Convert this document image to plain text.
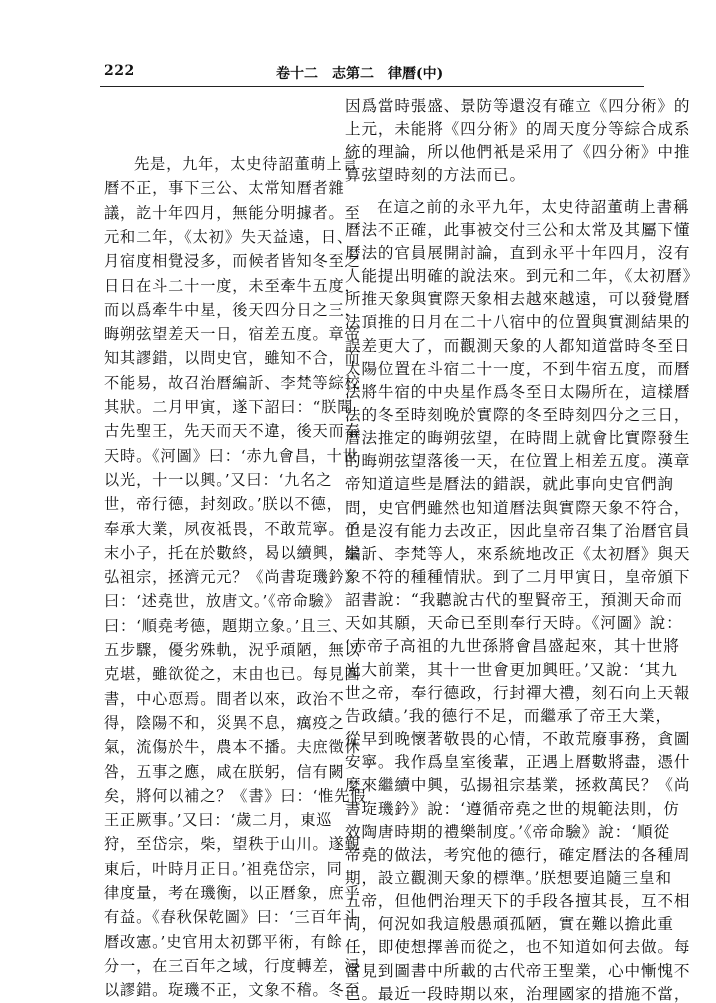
222	卷十二　志第二　律曆(中)
先是，九年，太史待詔董萌上言
曆不正，事下三公、太常知曆者雜
議，訖十年四月，無能分明據者。至
元和二年，《太初》失天益遠，日、
月宿度相覺浸多，而候者皆知冬至之
日日在斗二十一度，未至牽牛五度，
而以爲牽牛中星，後天四分日之三，
晦朔弦望差天一日，宿差五度。章帝
知其謬錯，以問史官，雖知不合，而
不能易，故召治曆編訢、李梵等綜校
其狀。二月甲寅，遂下詔曰：“朕聞
古先聖王，先天而天不違，後天而奉
天時。《河圖》曰：‘赤九會昌，十世
以光，十一以興。’又曰：‘九名之
世，帝行德，封刻政。’朕以不德，
奉承大業，夙夜祗畏，不敢荒寧。予
末小子，托在於數終，曷以續興，崇
弘祖宗，拯濟元元？《尚書琁璣鈐》
曰：‘述堯世，放唐文。’《帝命驗》
曰：‘順堯考德，題期立象。’且三、
五步驟，優劣殊軌，況乎頑陋，無以
克堪，雖欲從之，末由也已。每見圖
書，中心恧焉。間者以來，政治不
得，陰陽不和，災異不息，癘疫之
氣，流傷於牛，農本不播。夫庶徵休
咎，五事之應，咸在朕躬，信有闕
矣，將何以補之？《書》曰：‘惟先假
王正厥事。’又曰：‘歲二月，東巡
狩，至岱宗，柴，望秩于山川。遂覲
東后，叶時月正日。’祖堯岱宗，同
律度量，考在璣衡，以正曆象，庶乎
有益。《春秋保乾圖》曰：‘三百年斗
曆改憲。’史官用太初鄧平術，有餘
分一，在三百年之域，行度轉差，浸
以謬錯。琁璣不正，文象不稽。冬至
因爲當時張盛、景防等還沒有確立《四分術》的
上元，未能將《四分術》的周天度分等綜合成系
統的理論，所以他們衹是采用了《四分術》中推
算弦望時刻的方法而已。
在這之前的永平九年，太史待詔董萌上書稱
曆法不正確，此事被交付三公和太常及其屬下懂
曆法的官員展開討論，直到永平十年四月，沒有
人能提出明確的說法來。到元和二年，《太初曆》
所推天象與實際天象相去越來越遠，可以發覺曆
法頂推的日月在二十八宿中的位置與實測結果的
誤差更大了，而觀測天象的人都知道當時冬至日
太陽位置在斗宿二十一度，不到牛宿五度，而曆
法將牛宿的中央星作爲冬至日太陽所在，這樣曆
法的冬至時刻晚於實際的冬至時刻四分之三日，
曆法推定的晦朔弦望，在時間上就會比實際發生
的晦朔弦望落後一天，在位置上相差五度。漢章
帝知道這些是曆法的錯誤，就此事向史官們詢
問，史官們雖然也知道曆法與實際天象不符合，
但是沒有能力去改正，因此皇帝召集了治曆官員
編訢、李梵等人，來系統地改正《太初曆》與天
象不符的種種情狀。到了二月甲寅日，皇帝頒下
詔書說：“我聽說古代的聖賢帝王，預測天命而
天如其願，天命已至則奉行天時。《河圖》說：
‘赤帝子高祖的九世孫將會昌盛起來，其十世將
光大前業，其十一世會更加興旺。’又說：‘其九
世之帝，奉行德政，行封禪大禮，刻石向上天報
告政績。’我的德行不足，而繼承了帝王大業，
從早到晚懷著敬畏的心情，不敢荒廢事務，貪圖
安寧。我作爲皇室後輩，正遇上曆數將盡，憑什
麼來繼續中興，弘揚祖宗基業，拯救萬民？《尚
書琁璣鈐》說：‘遵循帝堯之世的規範法則，仿
效陶唐時期的禮樂制度。’《帝命驗》說：‘順從
帝堯的做法，考究他的德行，確定曆法的各種周
期，設立觀測天象的標準。’朕想要追隨三皇和
五帝，但他們治理天下的手段各擅其長，互不相
同，何況如我這般愚頑孤陋，實在難以擔此重
任，即使想擇善而從之，也不知道如何去做。每
當見到圖書中所載的古代帝王聖業，心中慚愧不
已。最近一段時期以來，治理國家的措施不當，
